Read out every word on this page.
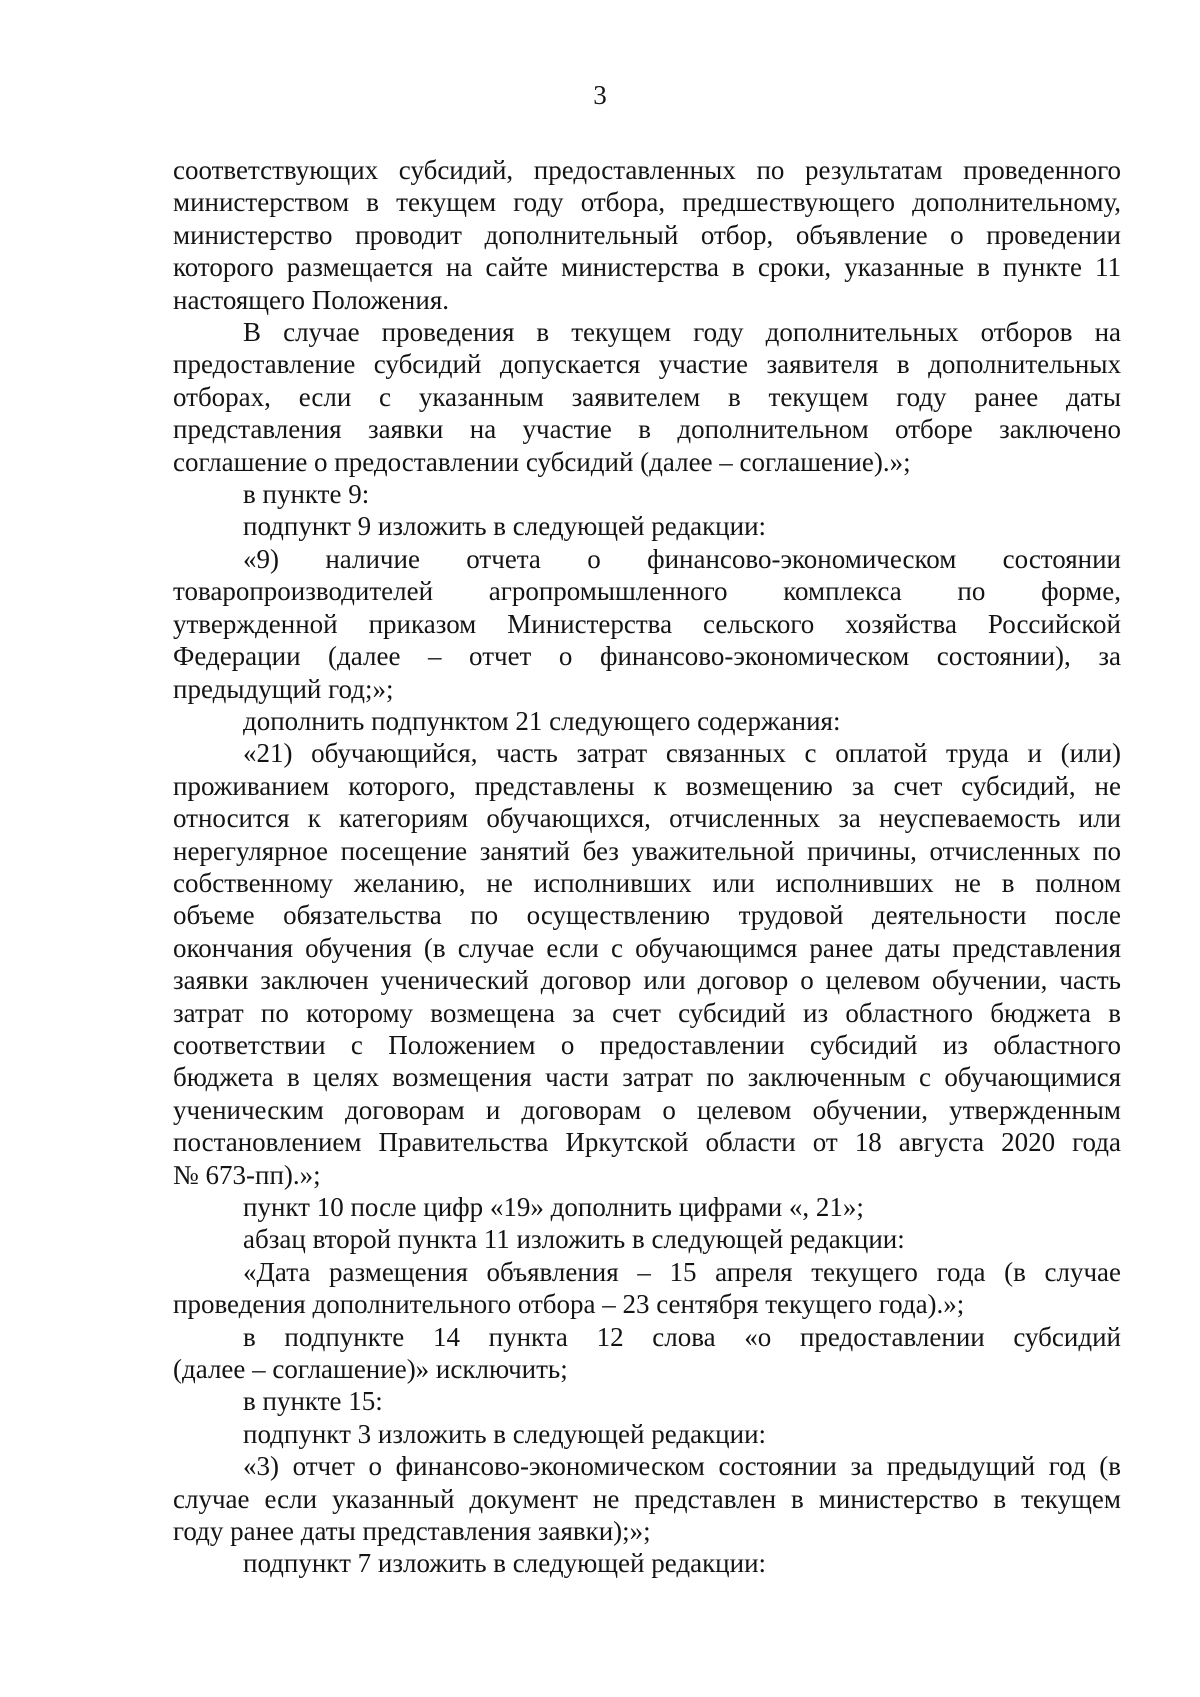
3

соответствующих субсидий, предоставленных по результатам проведенного
министерством в текущем году отбора, предшествующего дополнительному,
министерство проводит дополнительный отбор, объявление о проведении
которого размещается на сайте министерства в сроки, указанные в пункте 11
настоящего Положения.

В случае проведения в текущем году дополнительных отборов на
предоставление субсидий допускается участие заявителя в дополнительных
отборах, если с указанным заявителем в текущем году ранее даты
представления заявки на участие в дополнительном отборе заключено
соглашение о предоставлении субсидий (далее – соглашение).»;

в пункте 9:

подпункт 9 изложить в следующей редакции:

«9) наличие отчета о финансово-экономическом состоянии
товаропроизводителей агропромышленного комплекса по форме,
утвержденной приказом Министерства сельского хозяйства Российской
Федерации (далее – отчет о финансово-экономическом состоянии), за
предыдущий год;»;

дополнить подпунктом 21 следующего содержания:

«21) обучающийся, часть затрат связанных с оплатой труда и (или)
проживанием которого, представлены к возмещению за счет субсидий, не
относится к категориям обучающихся, отчисленных за неуспеваемость или
нерегулярное посещение занятий без уважительной причины, отчисленных по
собственному желанию, не исполнивших или исполнивших не в полном
объеме обязательства по осуществлению трудовой деятельности после
окончания обучения (в случае если с обучающимся ранее даты представления
заявки заключен ученический договор или договор о целевом обучении, часть
затрат по которому возмещена за счет субсидий из областного бюджета в
соответствии с Положением о предоставлении субсидий из областного
бюджета в целях возмещения части затрат по заключенным с обучающимися
ученическим договорам и договорам о целевом обучении, утвержденным
постановлением Правительства Иркутской области от 18 августа 2020 года
№ 673-пп).»;

пункт 10 после цифр «19» дополнить цифрами «, 21»;

абзац второй пункта 11 изложить в следующей редакции:

«Дата размещения объявления – 15 апреля текущего года (в случае
проведения дополнительного отбора – 23 сентября текущего года).»;

в подпункте 14 пункта 12 слова «о предоставлении субсидий
(далее – соглашение)» исключить;

в пункте 15:

подпункт 3 изложить в следующей редакции:

«3) отчет о финансово-экономическом состоянии за предыдущий год (в
случае если указанный документ не представлен в министерство в текущем
году ранее даты представления заявки);»;

подпункт 7 изложить в следующей редакции:
